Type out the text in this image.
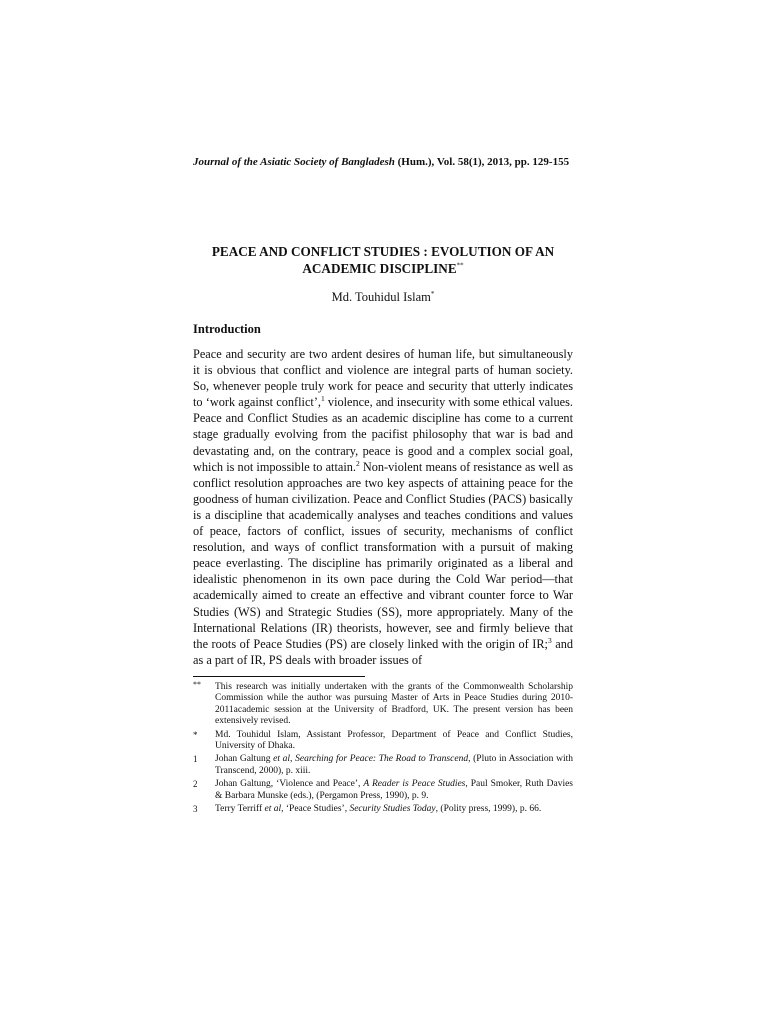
Journal of the Asiatic Society of Bangladesh (Hum.), Vol. 58(1), 2013, pp. 129-155
PEACE AND CONFLICT STUDIES : EVOLUTION OF AN
ACADEMIC DISCIPLINE**
Md. Touhidul Islam*
Introduction
Peace and security are two ardent desires of human life, but simultaneously it is obvious that conflict and violence are integral parts of human society. So, whenever people truly work for peace and security that utterly indicates to ‘work against conflict’,$^1$ violence, and insecurity with some ethical values. Peace and Conflict Studies as an academic discipline has come to a current stage gradually evolving from the pacifist philosophy that war is bad and devastating and, on the contrary, peace is good and a complex social goal, which is not impossible to attain.$^2$ Non-violent means of resistance as well as conflict resolution approaches are two key aspects of attaining peace for the goodness of human civilization. Peace and Conflict Studies (PACS) basically is a discipline that academically analyses and teaches conditions and values of peace, factors of conflict, issues of security, mechanisms of conflict resolution, and ways of conflict transformation with a pursuit of making peace everlasting. The discipline has primarily originated as a liberal and idealistic phenomenon in its own pace during the Cold War period—that academically aimed to create an effective and vibrant counter force to War Studies (WS) and Strategic Studies (SS), more appropriately. Many of the International Relations (IR) theorists, however, see and firmly believe that the roots of Peace Studies (PS) are closely linked with the origin of IR;$^3$ and as a part of IR, PS deals with broader issues of
**	This research was initially undertaken with the grants of the Commonwealth Scholarship Commission while the author was pursuing Master of Arts in Peace Studies during 2010-2011academic session at the University of Bradford, UK. The present version has been extensively revised.
*	Md. Touhidul Islam, Assistant Professor, Department of Peace and Conflict Studies, University of Dhaka.
1	Johan Galtung et al, Searching for Peace: The Road to Transcend, (Pluto in Association with Transcend, 2000), p. xiii.
2	Johan Galtung, ‘Violence and Peace’, A Reader is Peace Studies, Paul Smoker, Ruth Davies & Barbara Munske (eds.), (Pergamon Press, 1990), p. 9.
3	Terry Terriff et al, ‘Peace Studies’, Security Studies Today, (Polity press, 1999), p. 66.
